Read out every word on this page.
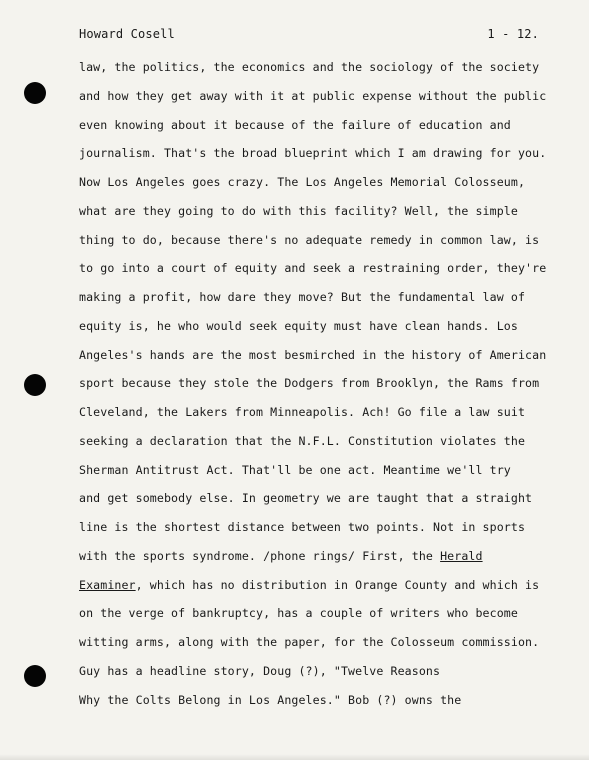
Howard Cosell	1 - 12.
law, the politics, the economics and the sociology of the society
and how they get away with it at public expense without the public
even knowing about it because of the failure of education and
journalism. That's the broad blueprint which I am drawing for you.
Now Los Angeles goes crazy. The Los Angeles Memorial Colosseum,
what are they going to do with this facility? Well, the simple
thing to do, because there's no adequate remedy in common law, is
to go into a court of equity and seek a restraining order, they're
making a profit, how dare they move? But the fundamental law of
equity is, he who would seek equity must have clean hands. Los
Angeles's hands are the most besmirched in the history of American
sport because they stole the Dodgers from Brooklyn, the Rams from
Cleveland, the Lakers from Minneapolis. Ach! Go file a law suit
seeking a declaration that the N.F.L. Constitution violates the
Sherman Antitrust Act. That'll be one act. Meantime we'll try
and get somebody else. In geometry we are taught that a straight
line is the shortest distance between two points. Not in sports
with the sports syndrome. /phone rings/ First, the Herald
Examiner, which has no distribution in Orange County and which is
on the verge of bankruptcy, has a couple of writers who become
witting arms, along with the paper, for the Colosseum commission.
Guy has a headline story, Doug (?), "Twelve Reasons
Why the Colts Belong in Los Angeles." Bob (?) owns the
